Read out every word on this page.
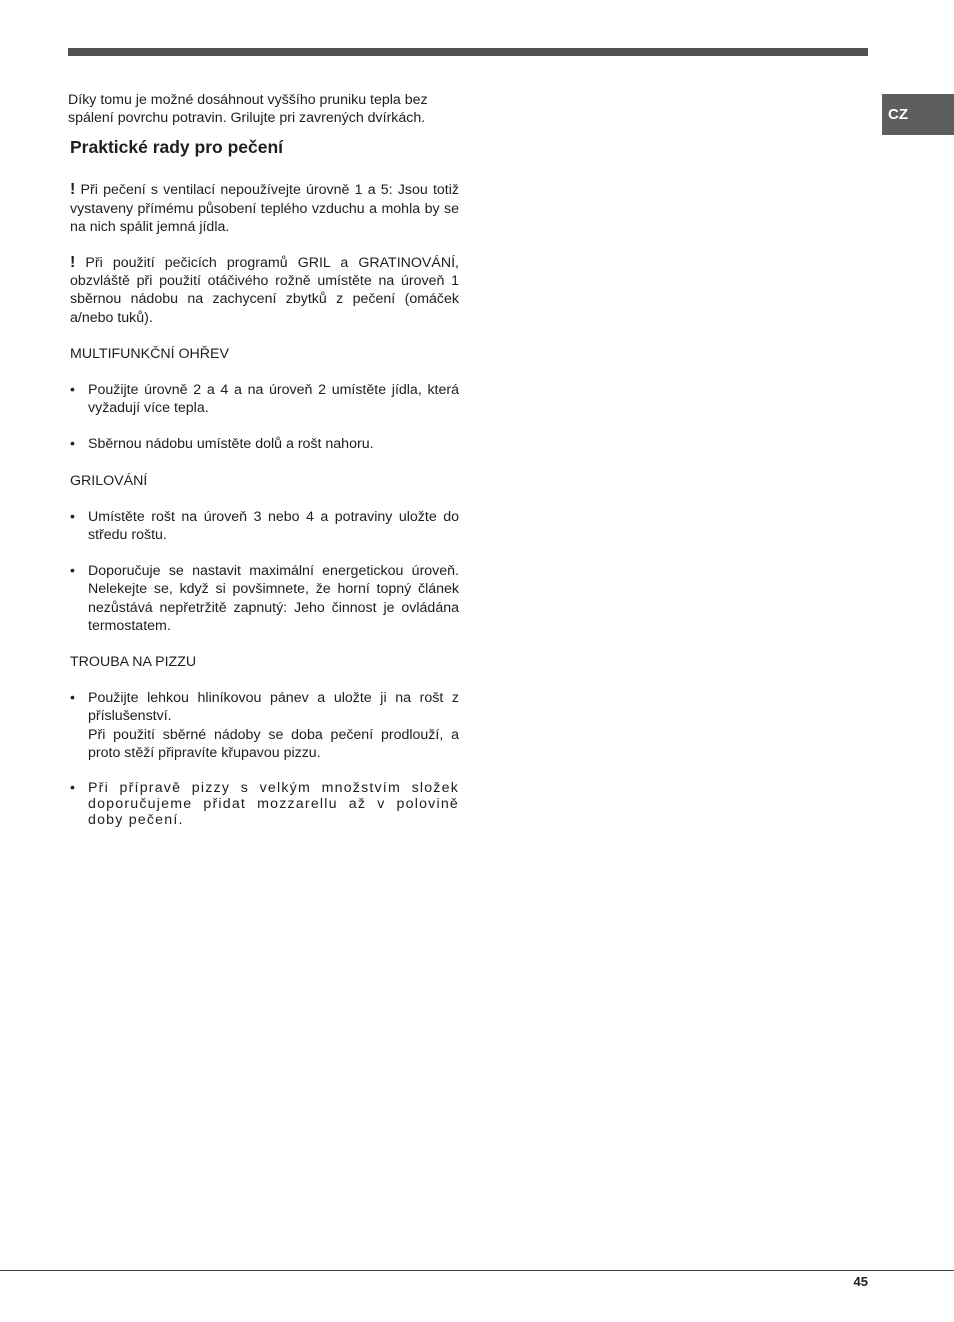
CZ

Díky tomu je možné dosáhnout vyššího pruniku tepla bez spálení povrchu potravin. Grilujte pri zavrených dvírkách.

Praktické rady pro pečení

! Při pečení s ventilací nepoužívejte úrovně 1 a 5: Jsou totiž vystaveny přímému působení teplého vzduchu a mohla by se na nich spálit jemná jídla.

! Při použití pečicích programů GRIL a GRATINOVÁNÍ, obzvláště při použití otáčivého rožně umístěte na úroveň 1 sběrnou nádobu na zachycení zbytků z pečení (omáček a/nebo tuků).

MULTIFUNKČNÍ OHŘEV

• Použijte úrovně 2 a 4 a na úroveň 2 umístěte jídla, která vyžadují více tepla.
• Sběrnou nádobu umístěte dolů a rošt nahoru.

GRILOVÁNÍ

• Umístěte rošt na úroveň 3 nebo 4 a potraviny uložte do středu roštu.
• Doporučuje se nastavit maximální energetickou úroveň. Nelekejte se, když si povšimnete, že horní topný článek nezůstává nepřetržitě zapnutý: Jeho činnost je ovládána termostatem.

TROUBA NA PIZZU

• Použijte lehkou hliníkovou pánev a uložte ji na rošt z příslušenství.
Při použití sběrné nádoby se doba pečení prodlouží, a proto stěží připravíte křupavou pizzu.
• Při přípravě pizzy s velkým množstvím složek doporučujeme přidat mozzarellu až v polovině doby pečení.
45
